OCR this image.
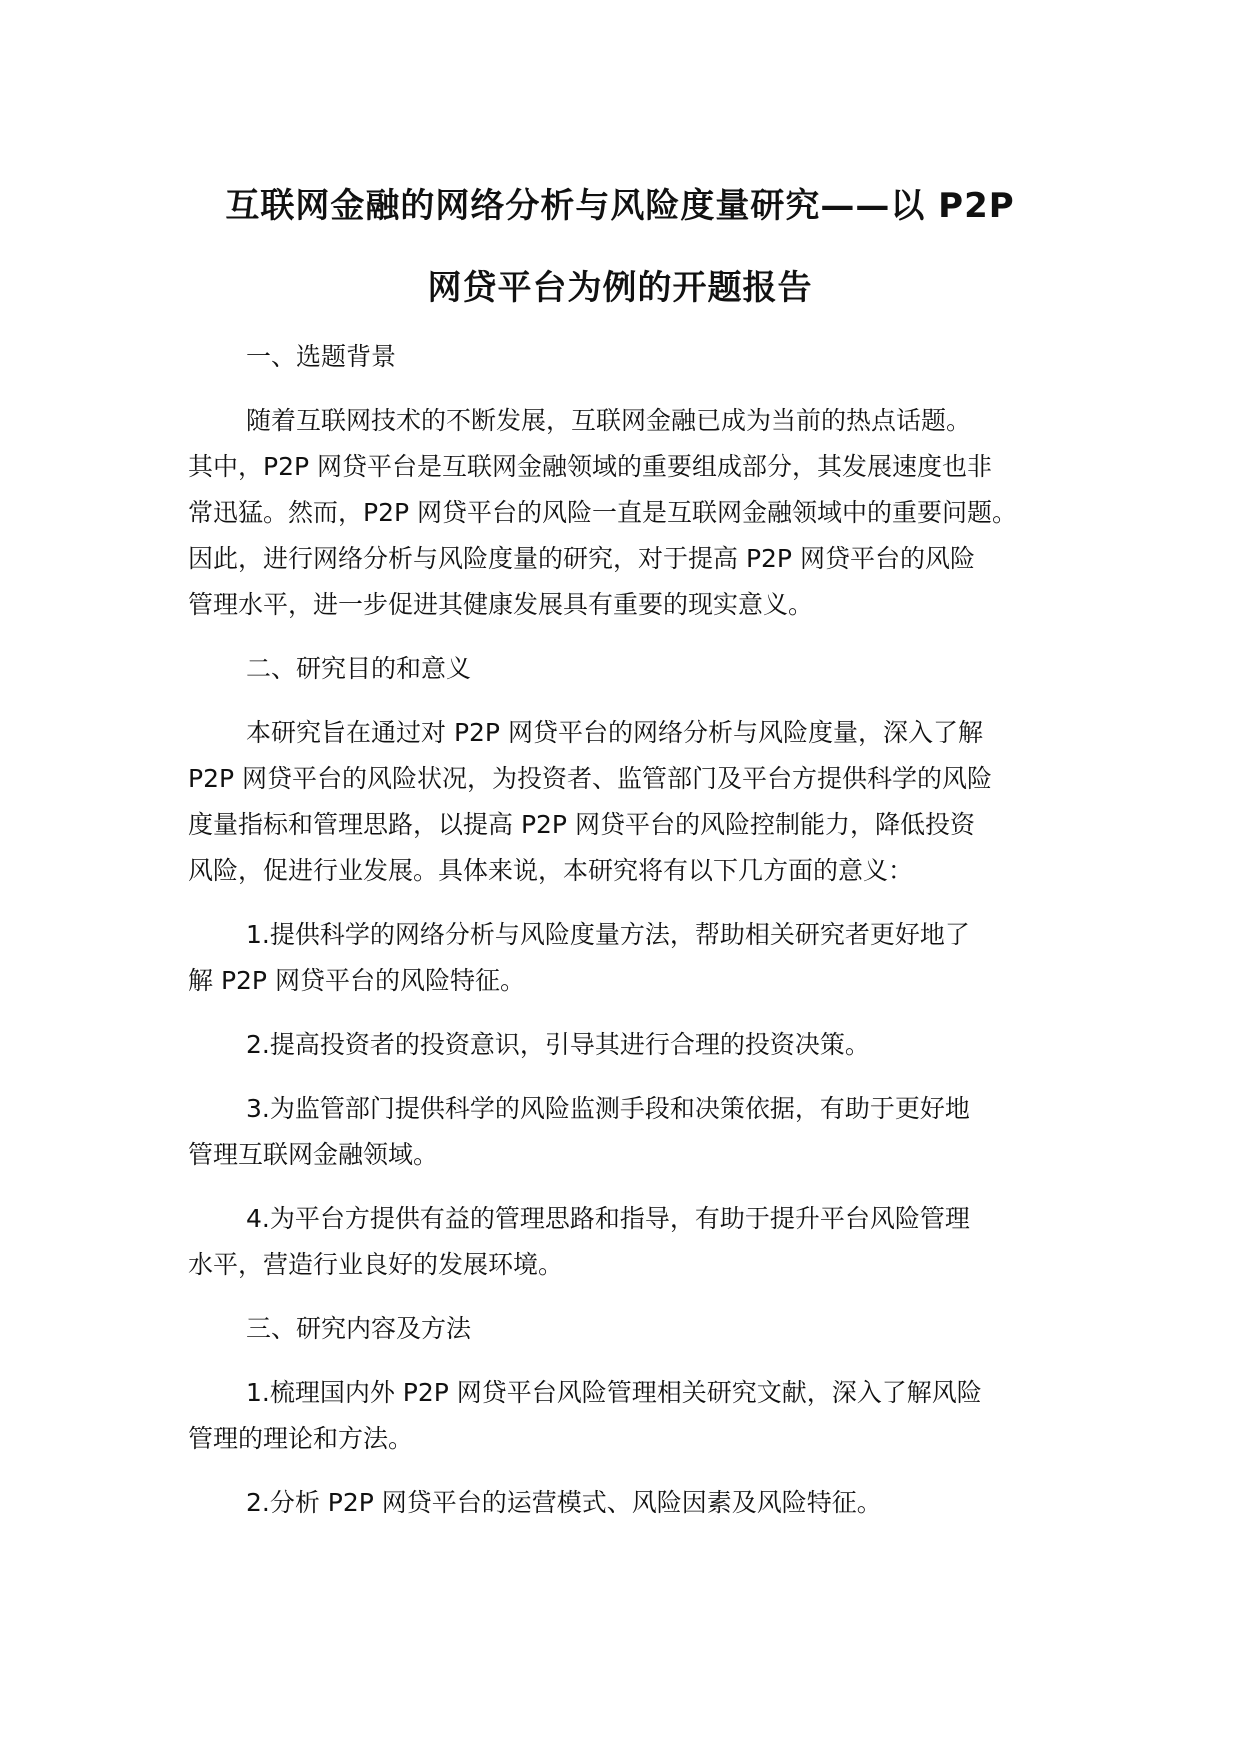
互联网金融的网络分析与风险度量研究——以 P2P
网贷平台为例的开题报告
一、选题背景
随着互联网技术的不断发展，互联网金融已成为当前的热点话题。
其中，P2P 网贷平台是互联网金融领域的重要组成部分，其发展速度也非
常迅猛。然而，P2P 网贷平台的风险一直是互联网金融领域中的重要问题。
因此，进行网络分析与风险度量的研究，对于提高 P2P 网贷平台的风险
管理水平，进一步促进其健康发展具有重要的现实意义。
二、研究目的和意义
本研究旨在通过对 P2P 网贷平台的网络分析与风险度量，深入了解
P2P 网贷平台的风险状况，为投资者、监管部门及平台方提供科学的风险
度量指标和管理思路，以提高 P2P 网贷平台的风险控制能力，降低投资
风险，促进行业发展。具体来说，本研究将有以下几方面的意义：
1.提供科学的网络分析与风险度量方法，帮助相关研究者更好地了
解 P2P 网贷平台的风险特征。
2.提高投资者的投资意识，引导其进行合理的投资决策。
3.为监管部门提供科学的风险监测手段和决策依据，有助于更好地
管理互联网金融领域。
4.为平台方提供有益的管理思路和指导，有助于提升平台风险管理
水平，营造行业良好的发展环境。
三、研究内容及方法
1.梳理国内外 P2P 网贷平台风险管理相关研究文献，深入了解风险
管理的理论和方法。
2.分析 P2P 网贷平台的运营模式、风险因素及风险特征。
